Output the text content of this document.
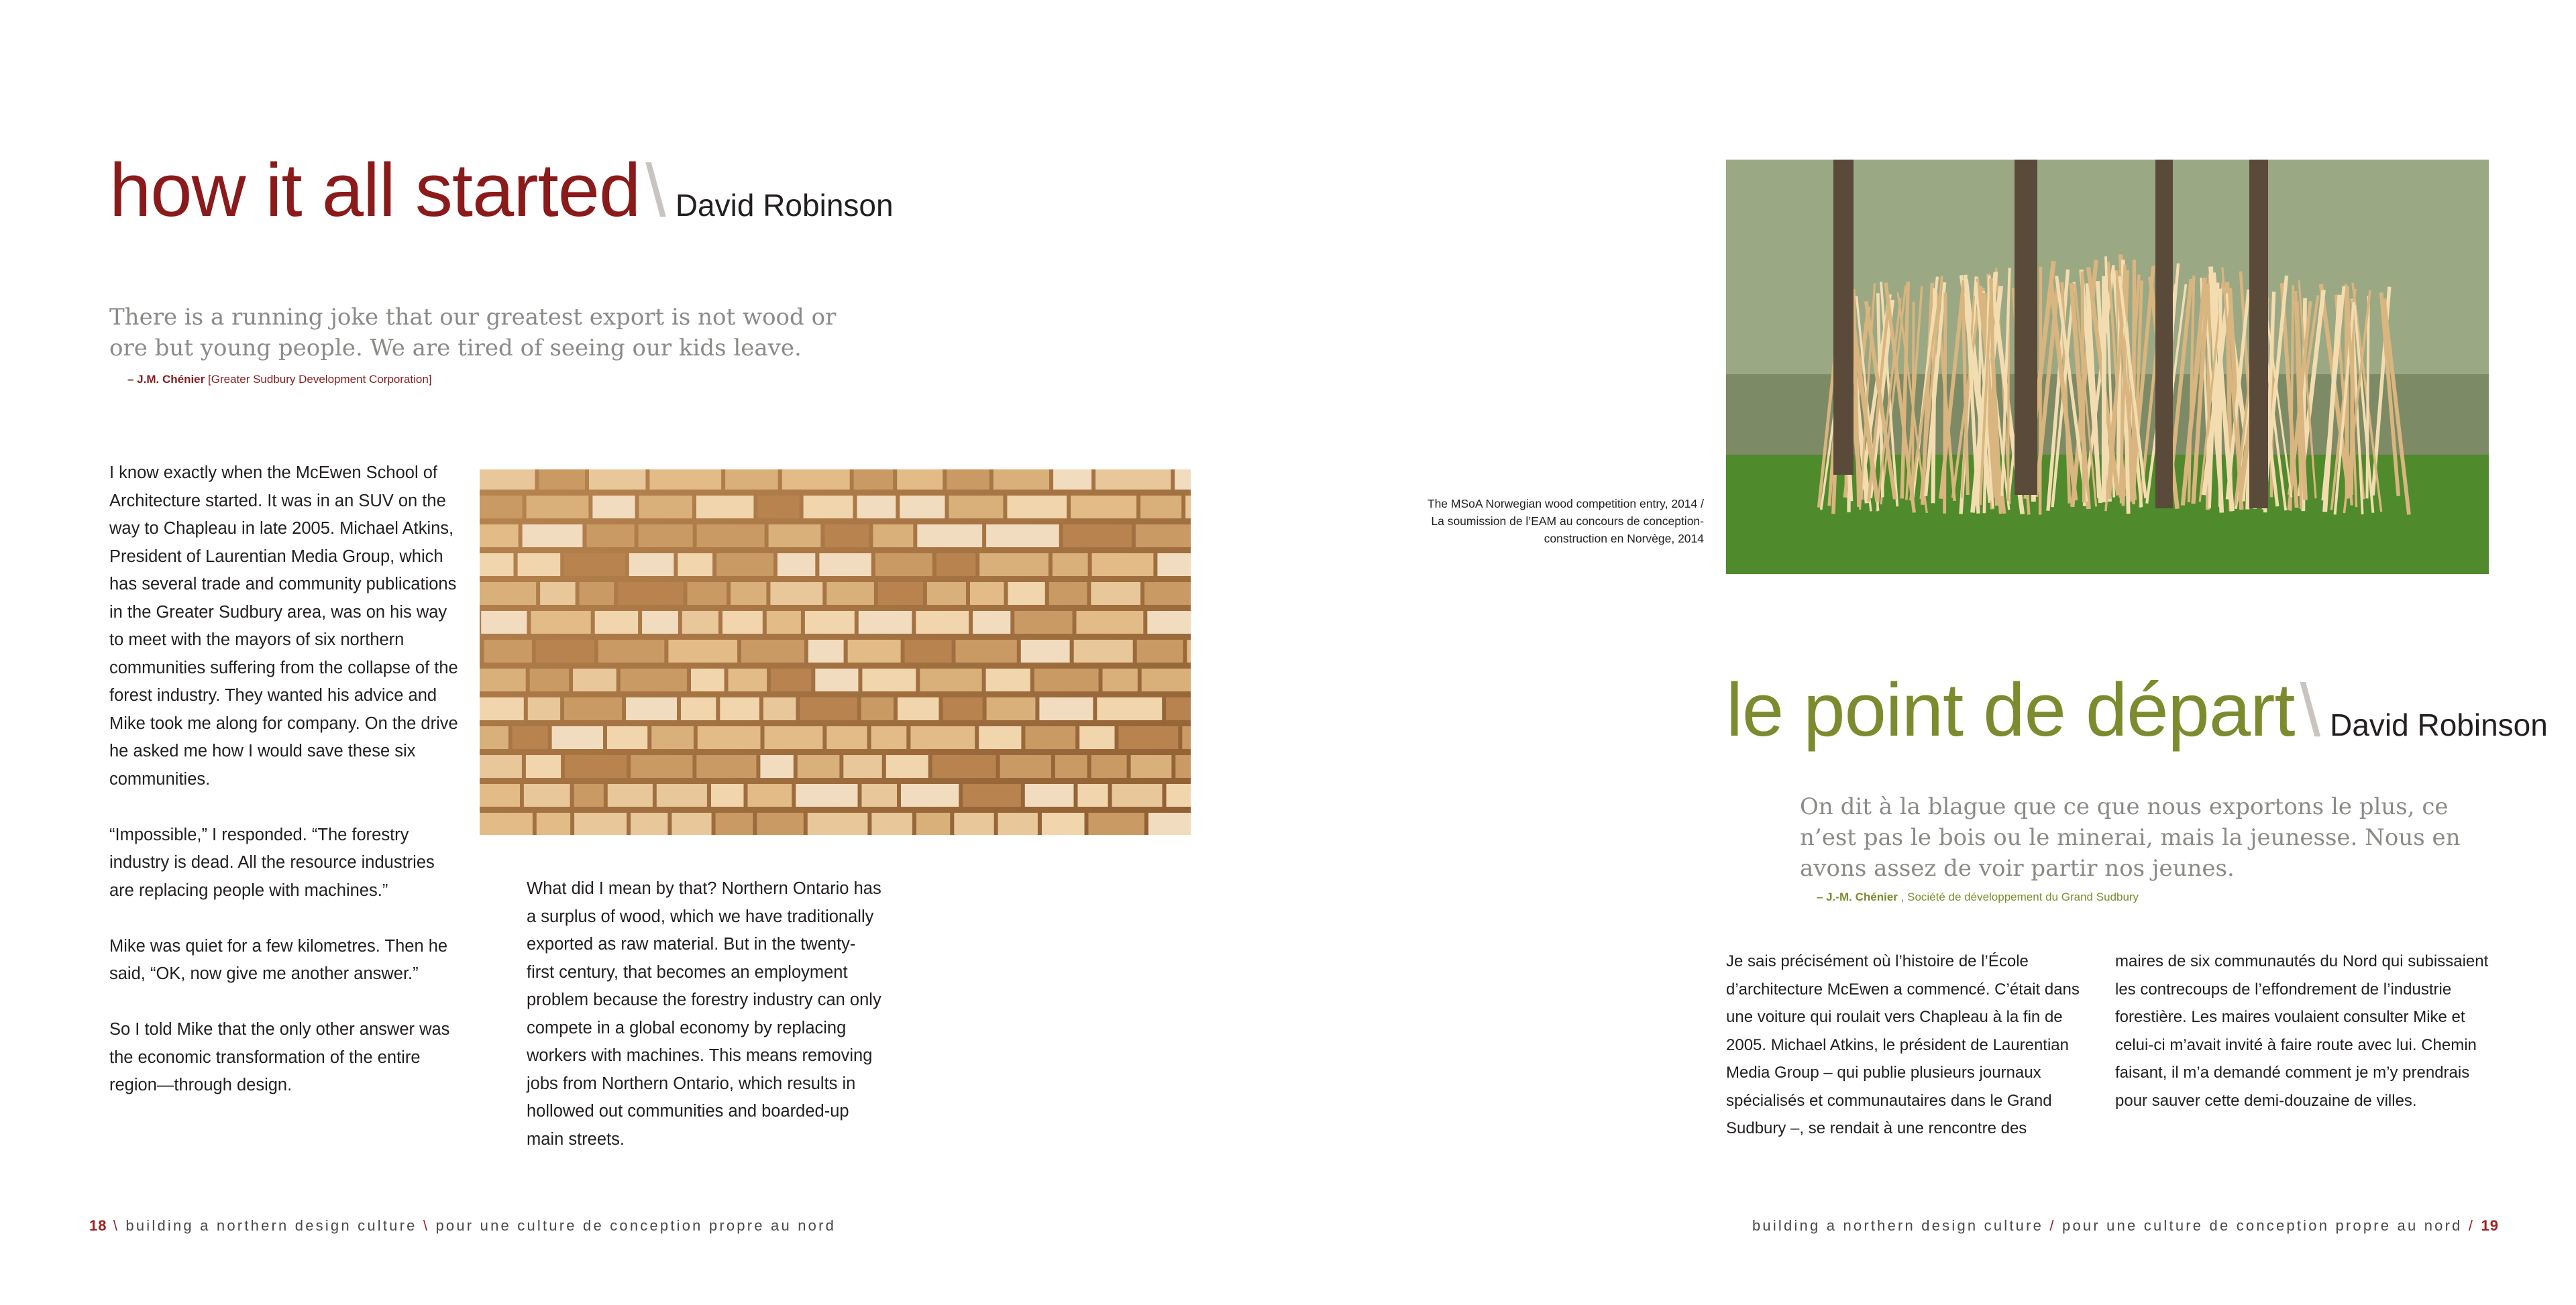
how it all started \ David Robinson
There is a running joke that our greatest export is not wood or ore but young people. We are tired of seeing our kids leave.
– J.M. Chénier [Greater Sudbury Development Corporation]

I know exactly when the McEwen School of Architecture started. It was in an SUV on the way to Chapleau in late 2005. Michael Atkins, President of Laurentian Media Group, which has several trade and community publications in the Greater Sudbury area, was on his way to meet with the mayors of six northern communities suffering from the collapse of the forest industry. They wanted his advice and Mike took me along for company. On the drive he asked me how I would save these six communities.

“Impossible,” I responded. “The forestry industry is dead. All the resource industries are replacing people with machines.”

Mike was quiet for a few kilometres. Then he said, “OK, now give me another answer.”

So I told Mike that the only other answer was the economic transformation of the entire region—through design.

What did I mean by that? Northern Ontario has a surplus of wood, which we have traditionally exported as raw material. But in the twenty-first century, that becomes an employment problem because the forestry industry can only compete in a global economy by replacing workers with machines. This means removing jobs from Northern Ontario, which results in hollowed out communities and boarded-up main streets.
18 \ building a northern design culture \ pour une culture de conception propre au nord
The MSoA Norwegian wood competition entry, 2014 /
La soumission de l’EAM au concours de conception-
construction en Norvège, 2014
le point de départ \ David Robinson
On dit à la blague que ce que nous exportons le plus, ce n’est pas le bois ou le minerai, mais la jeunesse. Nous en avons assez de voir partir nos jeunes.
– J.-M. Chénier , Société de développement du Grand Sudbury
Je sais précisément où l’histoire de l’École d’architecture McEwen a commencé. C’était dans une voiture qui roulait vers Chapleau à la fin de 2005. Michael Atkins, le président de Laurentian Media Group – qui publie plusieurs journaux spécialisés et communautaires dans le Grand Sudbury –, se rendait à une rencontre des
maires de six communautés du Nord qui subissaient les contrecoups de l’effondrement de l’industrie forestière. Les maires voulaient consulter Mike et celui-ci m’avait invité à faire route avec lui. Chemin faisant, il m’a demandé comment je m’y prendrais pour sauver cette demi-douzaine de villes.
building a northern design culture / pour une culture de conception propre au nord / 19
